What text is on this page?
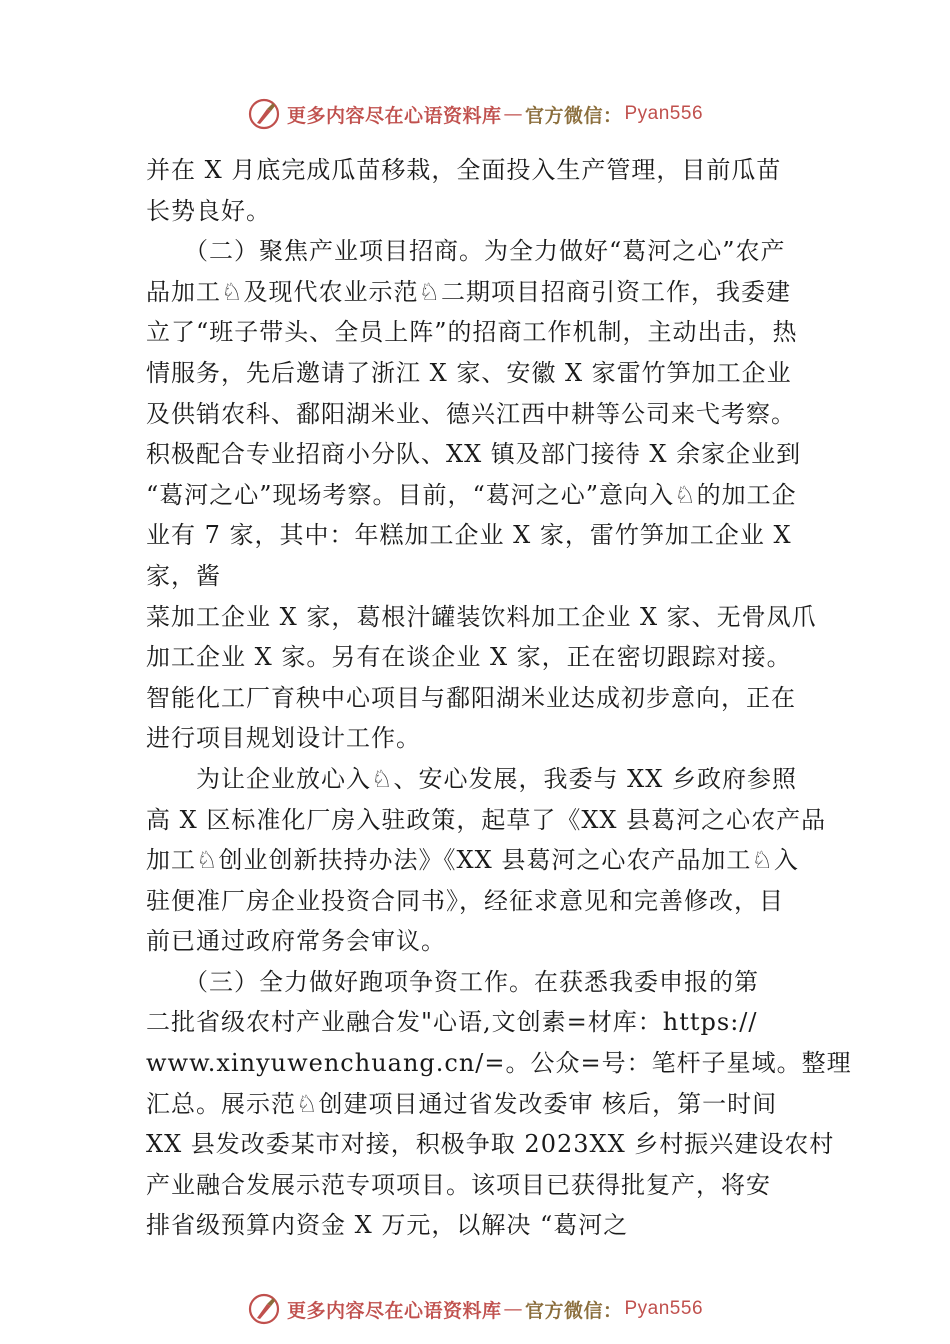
更多内容尽在心语资料库 — 官方微信： Pyan556
并在 X 月底完成瓜苗移栽，全面投入生产管理，目前瓜苗
长势良好。
　　（二）聚焦产业项目招商。为全力做好“葛河之心”农产
品加工♘及现代农业示范♘二期项目招商引资工作，我委建
立了“班子带头、全员上阵”的招商工作机制，主动出击，热
情服务，先后邀请了浙江 X 家、安徽 X 家雷竹笋加工企业
及供销农科、鄱阳湖米业、德兴江西中耕等公司来弋考察。
积极配合专业招商小分队、XX 镇及部门接待 X 余家企业到
“葛河之心”现场考察。目前，“葛河之心”意向入♘的加工企
业有 7 家，其中：年糕加工企业 X 家，雷竹笋加工企业 X
家，酱
菜加工企业 X 家，葛根汁罐装饮料加工企业 X 家、无骨凤爪
加工企业 X 家。另有在谈企业 X 家，正在密切跟踪对接。
智能化工厂育秧中心项目与鄱阳湖米业达成初步意向，正在
进行项目规划设计工作。
　　为让企业放心入♘、安心发展，我委与 XX 乡政府参照
高 X 区标准化厂房入驻政策，起草了《XX 县葛河之心农产品
加工♘创业创新扶持办法》《XX 县葛河之心农产品加工♘入
驻便准厂房企业投资合同书》，经征求意见和完善修改，目
前已通过政府常务会审议。
　　（三）全力做好跑项争资工作。在获悉我委申报的第
二批省级农村产业融合发"心语,文创素=材库：https://
www.xinyuwenchuang.cn/=。公众=号：笔杆子星域。整理
汇总。展示范♘创建项目通过省发改委审 核后，第一时间
XX 县发改委某市对接，积极争取 2023XX 乡村振兴建设农村
产业融合发展示范专项项目。该项目已获得批复产，将安
排省级预算内资金 X 万元，以解决 “葛河之
更多内容尽在心语资料库 — 官方微信： Pyan556
